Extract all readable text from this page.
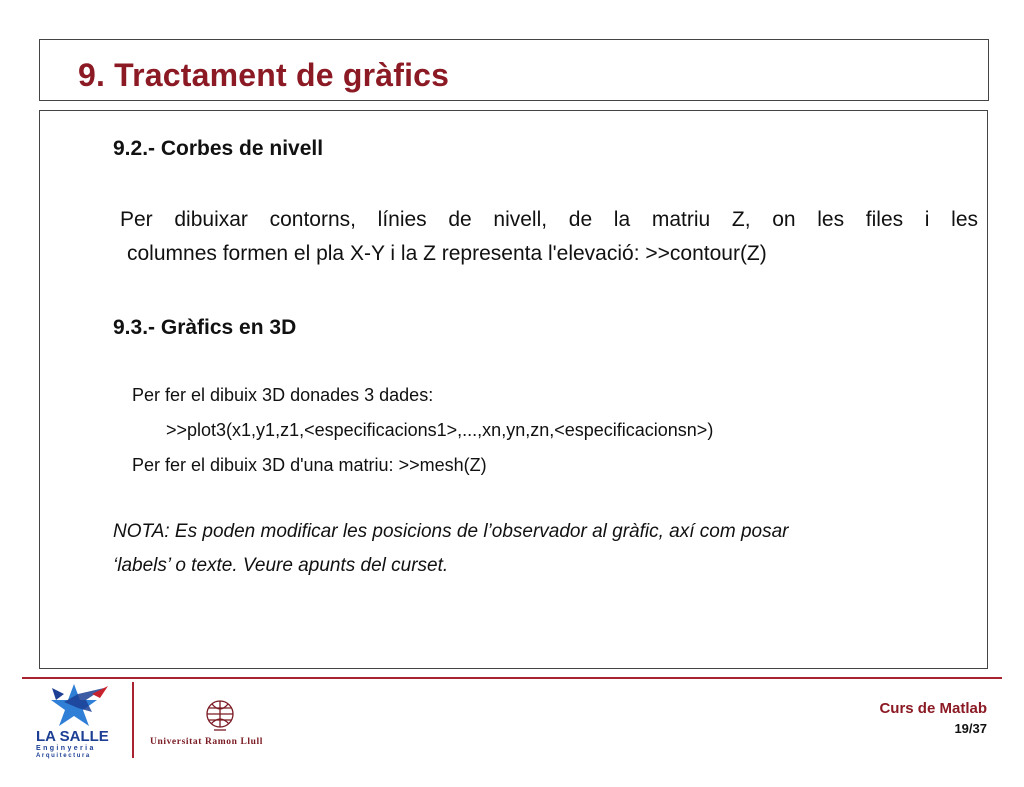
9. Tractament de gràfics
9.2.- Corbes de nivell
Per dibuixar contorns, línies de nivell, de la matriu Z, on les files i les
columnes formen el pla X-Y i la Z representa l'elevació: >>contour(Z)
9.3.- Gràfics en 3D
Per fer el dibuix 3D donades 3 dades:
>>plot3(x1,y1,z1,<especificacions1>,...,xn,yn,zn,<especificacionsn>)
Per fer el dibuix 3D d'una matriu: >>mesh(Z)
NOTA: Es poden modificar les posicions de l’observador al gràfic, axí com posar
‘labels’ o texte. Veure apunts del curset.
LA SALLE
Enginyeria
Arquitectura
Universitat Ramon Llull
Curs de Matlab
19/37
